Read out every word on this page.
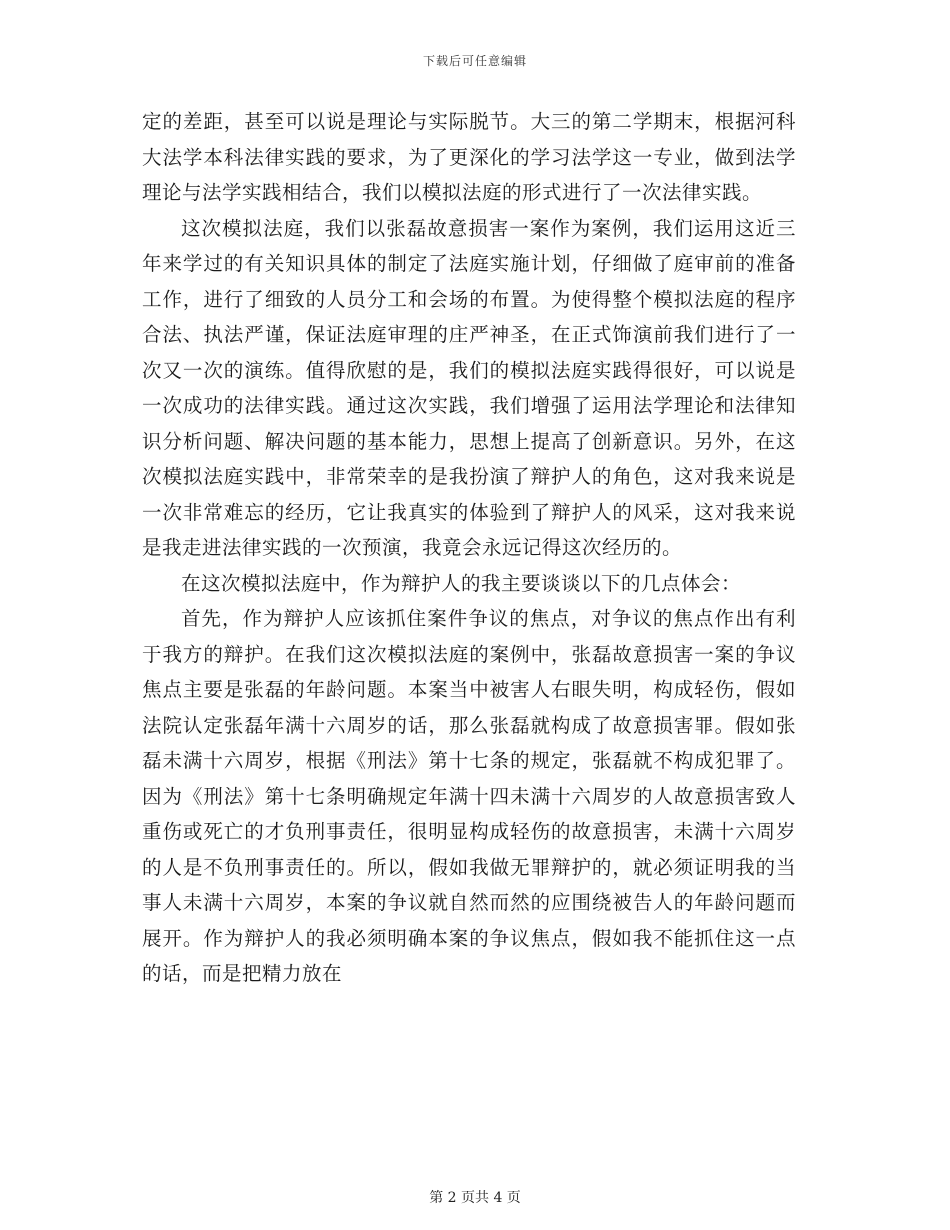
下载后可任意编辑

定的差距，甚至可以说是理论与实际脱节。大三的第二学期末，根据河科大法学本科法律实践的要求，为了更深化的学习法学这一专业，做到法学理论与法学实践相结合，我们以模拟法庭的形式进行了一次法律实践。

这次模拟法庭，我们以张磊故意损害一案作为案例，我们运用这近三年来学过的有关知识具体的制定了法庭实施计划，仔细做了庭审前的准备工作，进行了细致的人员分工和会场的布置。为使得整个模拟法庭的程序合法、执法严谨，保证法庭审理的庄严神圣，在正式饰演前我们进行了一次又一次的演练。值得欣慰的是，我们的模拟法庭实践得很好，可以说是一次成功的法律实践。通过这次实践，我们增强了运用法学理论和法律知识分析问题、解决问题的基本能力，思想上提高了创新意识。另外，在这次模拟法庭实践中，非常荣幸的是我扮演了辩护人的角色，这对我来说是一次非常难忘的经历，它让我真实的体验到了辩护人的风采，这对我来说是我走进法律实践的一次预演，我竟会永远记得这次经历的。

在这次模拟法庭中，作为辩护人的我主要谈谈以下的几点体会：

首先，作为辩护人应该抓住案件争议的焦点，对争议的焦点作出有利于我方的辩护。在我们这次模拟法庭的案例中，张磊故意损害一案的争议焦点主要是张磊的年龄问题。本案当中被害人右眼失明，构成轻伤，假如法院认定张磊年满十六周岁的话，那么张磊就构成了故意损害罪。假如张磊未满十六周岁，根据《刑法》第十七条的规定，张磊就不构成犯罪了。因为《刑法》第十七条明确规定年满十四未满十六周岁的人故意损害致人重伤或死亡的才负刑事责任，很明显构成轻伤的故意损害，未满十六周岁的人是不负刑事责任的。所以，假如我做无罪辩护的，就必须证明我的当事人未满十六周岁，本案的争议就自然而然的应围绕被告人的年龄问题而展开。作为辩护人的我必须明确本案的争议焦点，假如我不能抓住这一点的话，而是把精力放在

第 2 页共 4 页
